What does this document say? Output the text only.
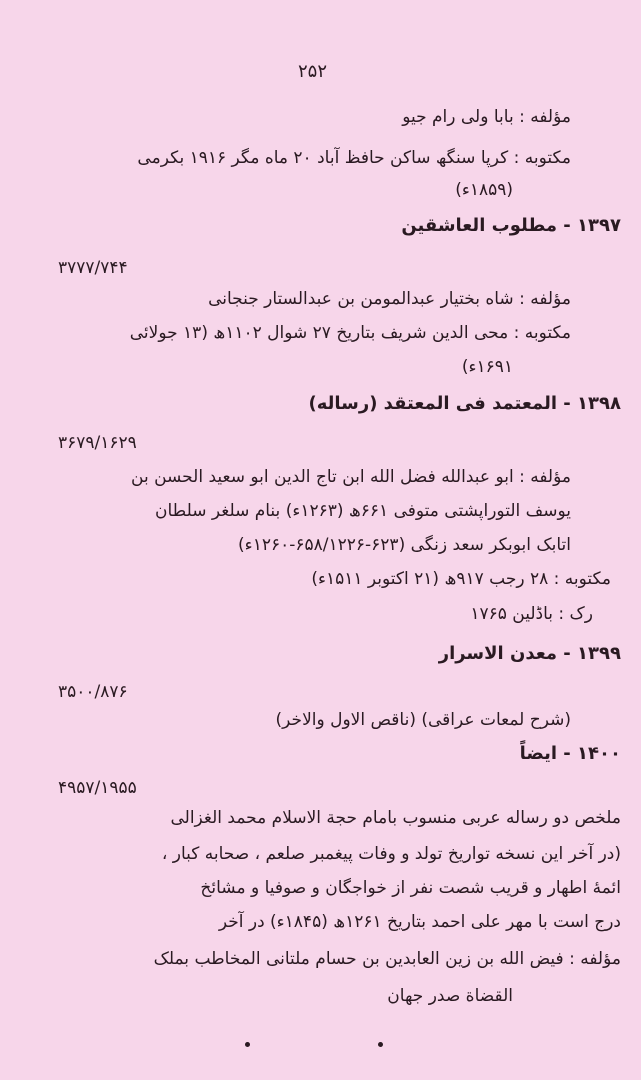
۲۵۲
مؤلفه : بابا ولی رام جیو
مکتوبه : کرپا سنگھ ساکن حافظ آباد ۲۰ ماه مگر ۱۹۱۶ بکرمی
(۱۸۵۹ء)
۱۳۹۷ - مطلوب العاشقین
۳۷۷۷/۷۴۴
مؤلفه : شاه بختیار عبدالمومن بن عبدالستار جنجانی
مکتوبه : محی الدین شریف بتاریخ ۲۷ شوال ۱۱۰۲ھ (۱۳ جولائی
۱۶۹۱ء)
۱۳۹۸ - المعتمد فی المعتقد (رساله)
۳۶۷۹/۱۶۲۹
مؤلفه : ابو عبدالله فضل الله ابن تاج الدین ابو سعید الحسن بن
یوسف التوراپشتی متوفی ۶۶۱ھ (۱۲۶۳ء) بنام سلغر سلطان
اتابک ابوبکر سعد زنگی (۶۲۳-۶۵۸/۱۲۲۶-۱۲۶۰ء)
مکتوبه : ۲۸ رجب ۹۱۷ھ (۲۱ اکتوبر ۱۵۱۱ء)
رک : باڈلین ۱۷۶۵
۱۳۹۹ - معدن الاسرار
۳۵۰۰/۸۷۶
(شرح لمعات عراقی) (ناقص الاول والاخر)
۱۴۰۰ - ایضاً
۴۹۵۷/۱۹۵۵
ملخص دو رساله عربی منسوب بامام حجة الاسلام محمد الغزالی
(در آخر این نسخه تواریخ تولد و وفات پیغمبر صلعم ، صحابه کبار ،
ائمۀ اطهار و قریب شصت نفر از خواجگان و صوفیا و مشائخ
درج است با مهر علی احمد بتاریخ ۱۲۶۱ھ (۱۸۴۵ء) در آخر
مؤلفه : فیض الله بن زین العابدین بن حسام ملتانی المخاطب بملک
القضاة صدر جهان
